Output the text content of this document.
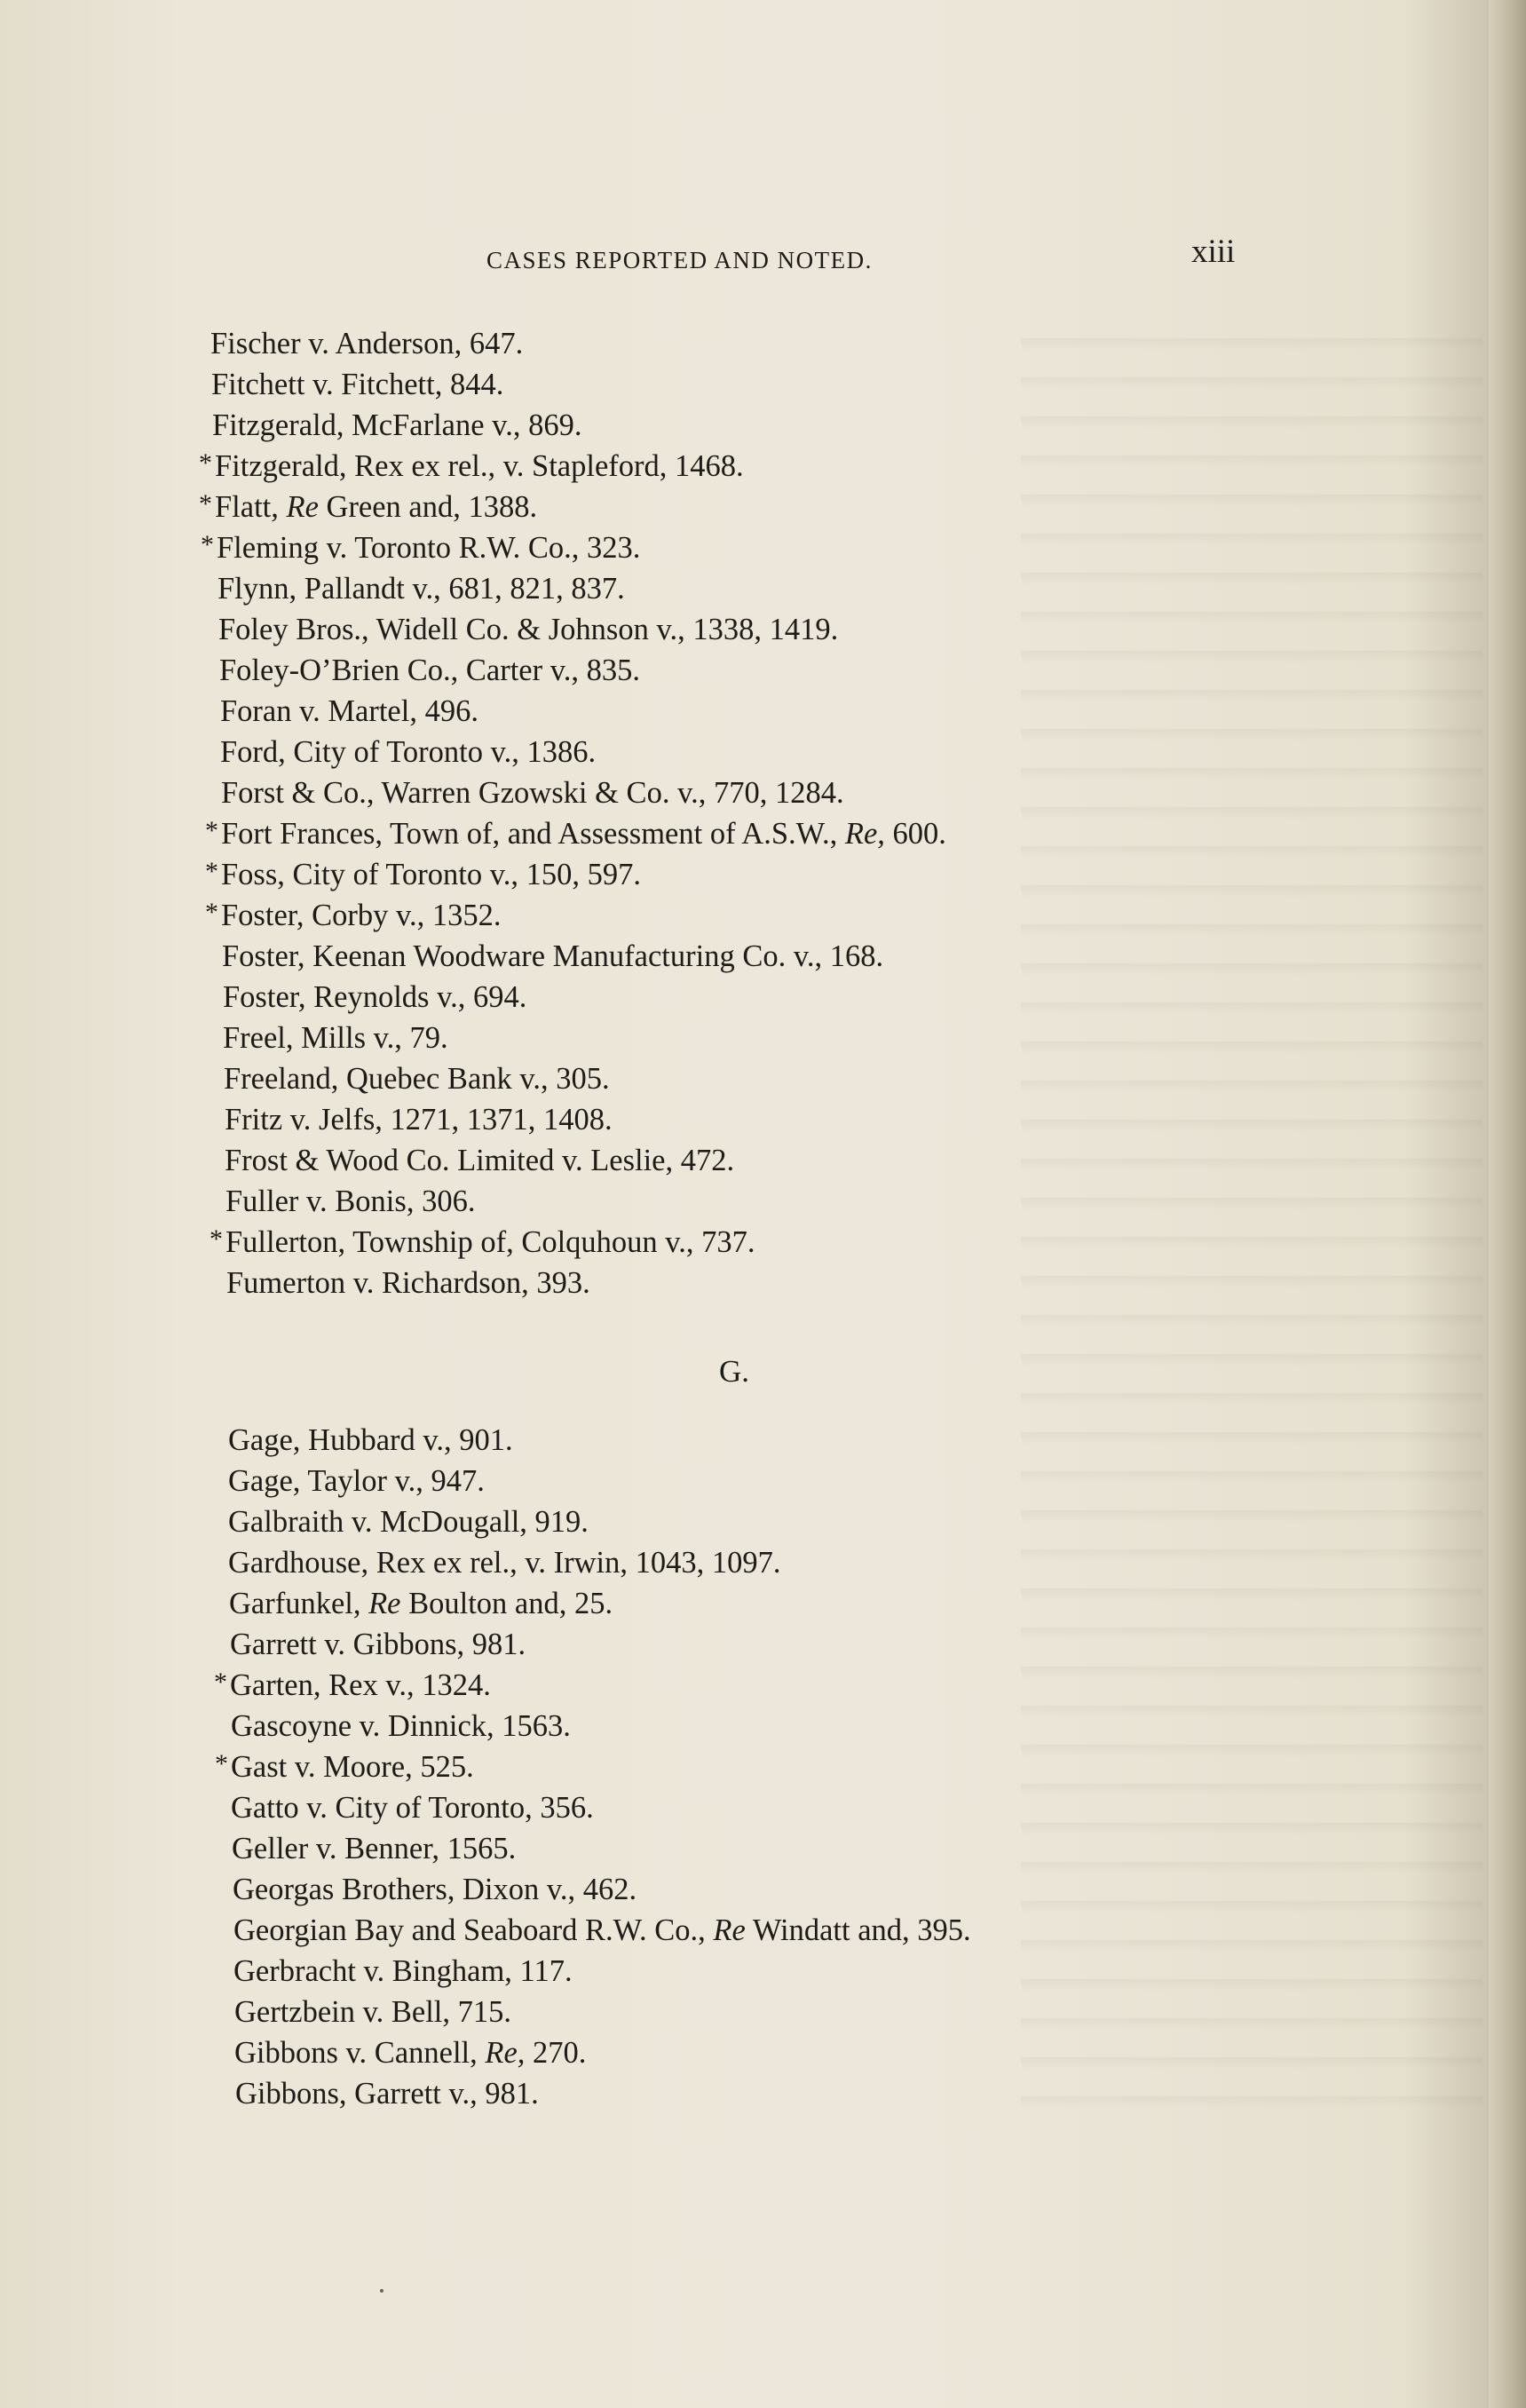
CASES REPORTED AND NOTED.	xiii
Fischer v. Anderson, 647.
Fitchett v. Fitchett, 844.
Fitzgerald, McFarlane v., 869.
* Fitzgerald, Rex ex rel., v. Stapleford, 1468.
* Flatt, Re Green and, 1388.
* Fleming v. Toronto R.W. Co., 323.
Flynn, Pallandt v., 681, 821, 837.
Foley Bros., Widell Co. & Johnson v., 1338, 1419.
Foley-O’Brien Co., Carter v., 835.
Foran v. Martel, 496.
Ford, City of Toronto v., 1386.
Forst & Co., Warren Gzowski & Co. v., 770, 1284.
* Fort Frances, Town of, and Assessment of A.S.W., Re, 600.
* Foss, City of Toronto v., 150, 597.
* Foster, Corby v., 1352.
Foster, Keenan Woodware Manufacturing Co. v., 168.
Foster, Reynolds v., 694.
Freel, Mills v., 79.
Freeland, Quebec Bank v., 305.
Fritz v. Jelfs, 1271, 1371, 1408.
Frost & Wood Co. Limited v. Leslie, 472.
Fuller v. Bonis, 306.
* Fullerton, Township of, Colquhoun v., 737.
Fumerton v. Richardson, 393.
G.
Gage, Hubbard v., 901.
Gage, Taylor v., 947.
Galbraith v. McDougall, 919.
Gardhouse, Rex ex rel., v. Irwin, 1043, 1097.
Garfunkel, Re Boulton and, 25.
Garrett v. Gibbons, 981.
* Garten, Rex v., 1324.
Gascoyne v. Dinnick, 1563.
* Gast v. Moore, 525.
Gatto v. City of Toronto, 356.
Geller v. Benner, 1565.
Georgas Brothers, Dixon v., 462.
Georgian Bay and Seaboard R.W. Co., Re Windatt and, 395.
Gerbracht v. Bingham, 117.
Gertzbein v. Bell, 715.
Gibbons v. Cannell, Re, 270.
Gibbons, Garrett v., 981.
